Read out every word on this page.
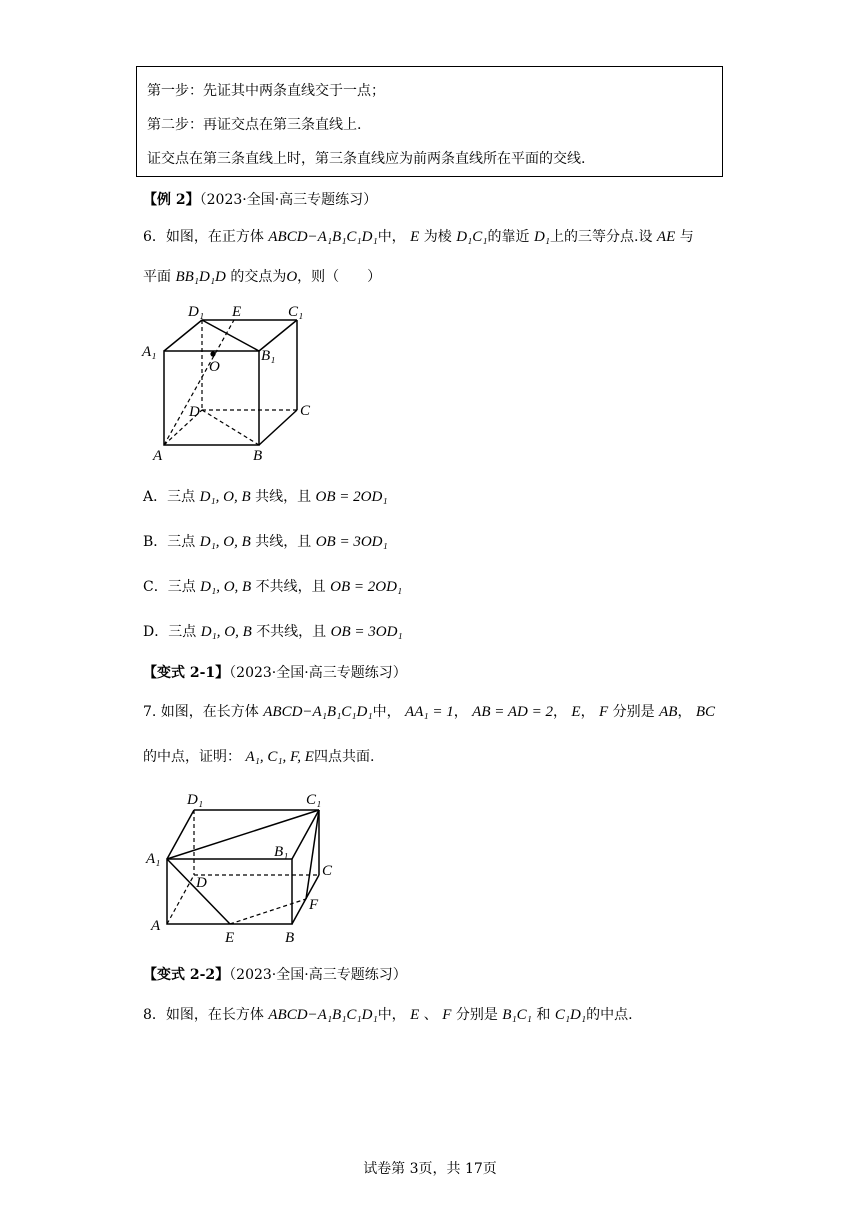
第一步：先证其中两条直线交于一点；
第二步：再证交点在第三条直线上.
证交点在第三条直线上时，第三条直线应为前两条直线所在平面的交线.
【例 2】（2023·全国·高三专题练习）
6．如图，在正方体 ABCD−A₁B₁C₁D₁中， E 为棱 D₁C₁的靠近 D₁上的三等分点.设 AE 与
平面 BB₁D₁D 的交点为O，则（　　）
A₁	B₁
C₁
D₁ E
O
D	C
A	B
A．三点 D₁, O, B 共线，且 OB = 2OD₁
B．三点 D₁, O, B 共线，且 OB = 3OD₁
C．三点 D₁, O, B 不共线，且 OB = 2OD₁
D．三点 D₁, O, B 不共线，且 OB = 3OD₁
【变式 2-1】（2023·全国·高三专题练习）
7. 如图，在长方体 ABCD−A₁B₁C₁D₁中， AA₁ = 1， AB = AD = 2， E， F 分别是 AB， BC
的中点，证明： A₁, C₁, F, E四点共面.
D₁	C₁
A₁	B₁
D
C
F
A
E	B
【变式 2-2】（2023·全国·高三专题练习）
8．如图，在长方体 ABCD−A₁B₁C₁D₁中， E 、 F 分别是 B₁C₁ 和 C₁D₁的中点.
试卷第 3页，共 17页
